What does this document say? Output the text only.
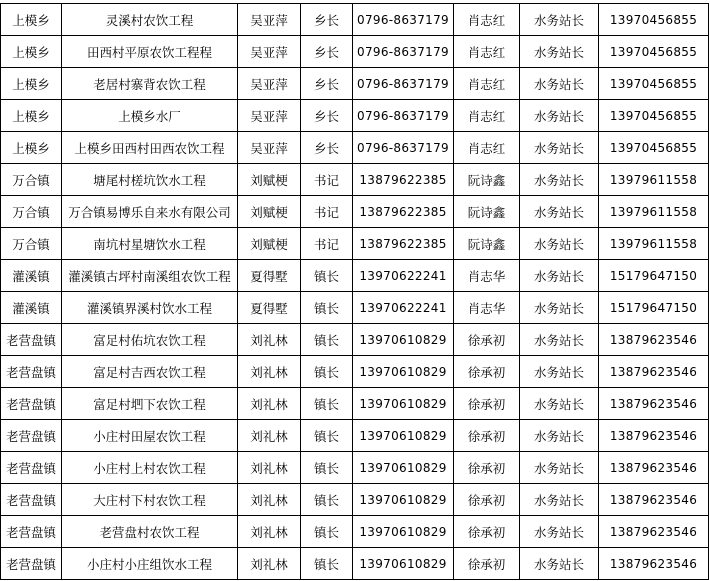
上模乡	灵溪村农饮工程	吴亚萍	乡长	0796-8637179	肖志红	水务站长	13970456855
上模乡	田西村平原农饮工程程	吴亚萍	乡长	0796-8637179	肖志红	水务站长	13970456855
上模乡	老居村寨背农饮工程	吴亚萍	乡长	0796-8637179	肖志红	水务站长	13970456855
上模乡	上模乡水厂	吴亚萍	乡长	0796-8637179	肖志红	水务站长	13970456855
上模乡	上模乡田西村田西农饮工程	吴亚萍	乡长	0796-8637179	肖志红	水务站长	13970456855
万合镇	塘尾村槎坑饮水工程	刘赋梗	书记	13879622385	阮诗鑫	水务站长	13979611558
万合镇	万合镇易博乐自来水有限公司	刘赋梗	书记	13879622385	阮诗鑫	水务站长	13979611558
万合镇	南坑村星塘饮水工程	刘赋梗	书记	13879622385	阮诗鑫	水务站长	13979611558
灌溪镇	灌溪镇古坪村南溪组农饮工程	夏得墅	镇长	13970622241	肖志华	水务站长	15179647150
灌溪镇	灌溪镇界溪村饮水工程	夏得墅	镇长	13970622241	肖志华	水务站长	15179647150
老营盘镇	富足村佑坑农饮工程	刘礼林	镇长	13970610829	徐承初	水务站长	13879623546
老营盘镇	富足村吉西农饮工程	刘礼林	镇长	13970610829	徐承初	水务站长	13879623546
老营盘镇	富足村垇下农饮工程	刘礼林	镇长	13970610829	徐承初	水务站长	13879623546
老营盘镇	小庄村田屋农饮工程	刘礼林	镇长	13970610829	徐承初	水务站长	13879623546
老营盘镇	小庄村上村农饮工程	刘礼林	镇长	13970610829	徐承初	水务站长	13879623546
老营盘镇	大庄村下村农饮工程	刘礼林	镇长	13970610829	徐承初	水务站长	13879623546
老营盘镇	老营盘村农饮工程	刘礼林	镇长	13970610829	徐承初	水务站长	13879623546
老营盘镇	小庄村小庄组饮水工程	刘礼林	镇长	13970610829	徐承初	水务站长	13879623546
